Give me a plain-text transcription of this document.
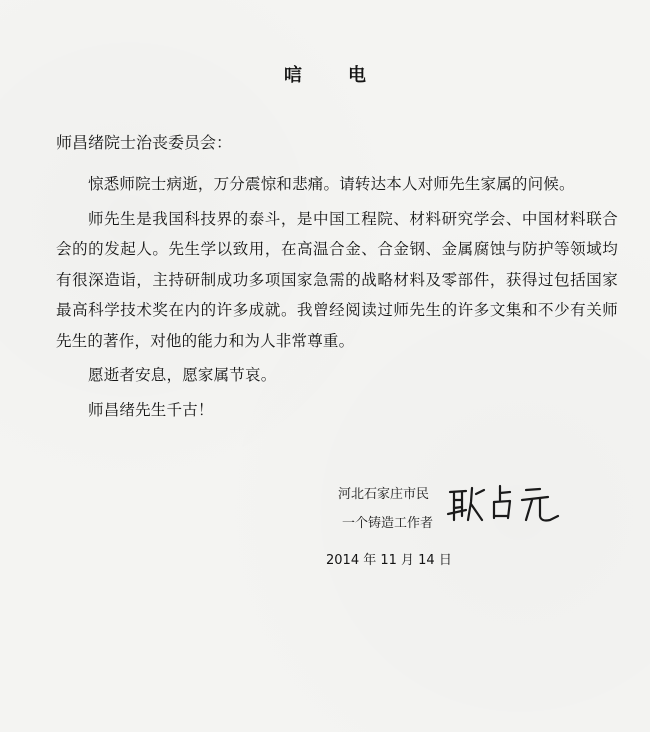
唁电
师昌绪院士治丧委员会：

惊悉师院士病逝，万分震惊和悲痛。请转达本人对师先生家属的问候。

师先生是我国科技界的泰斗，是中国工程院、材料研究学会、中国材料联合会的的发起人。先生学以致用，在高温合金、合金钢、金属腐蚀与防护等领域均有很深造诣，主持研制成功多项国家急需的战略材料及零部件，获得过包括国家最高科学技术奖在内的许多成就。我曾经阅读过师先生的许多文集和不少有关师先生的著作，对他的能力和为人非常尊重。

愿逝者安息，愿家属节哀。

师昌绪先生千古！

河北石家庄市民
一个铸造工作者
2014 年 11 月 14 日
